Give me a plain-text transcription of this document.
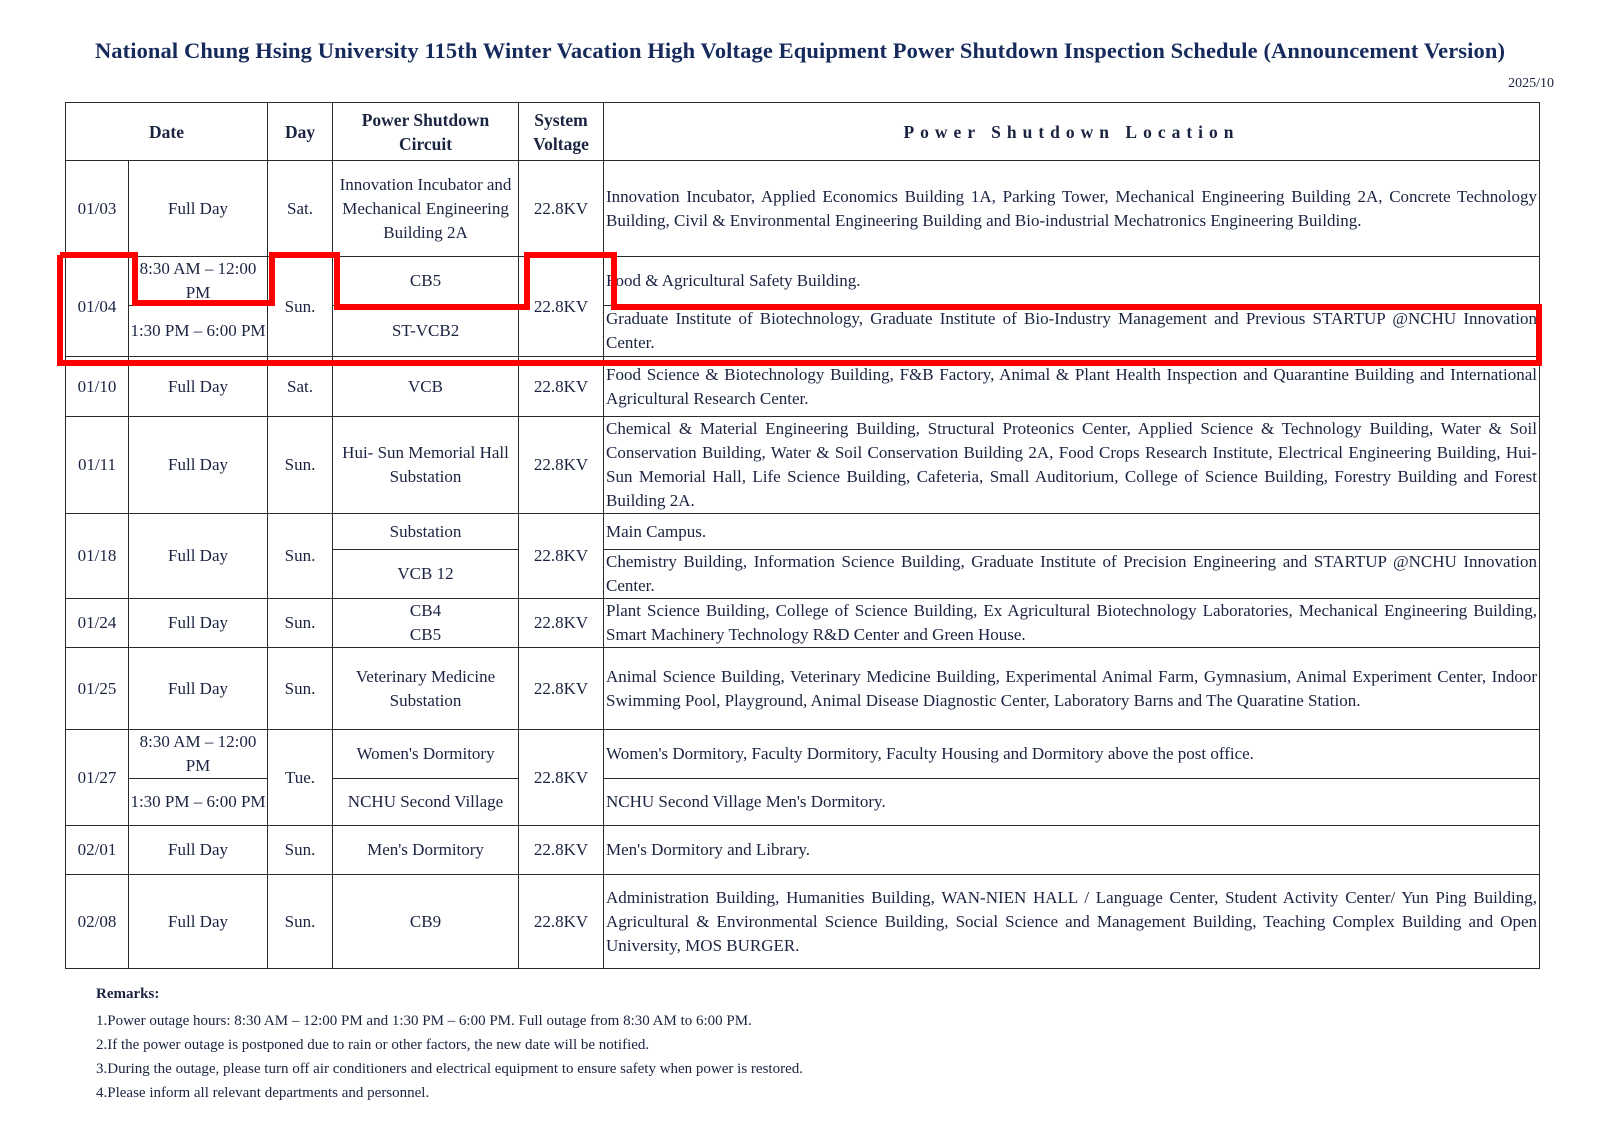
National Chung Hsing University 115th Winter Vacation High Voltage Equipment Power Shutdown Inspection Schedule (Announcement Version)
2025/10
Date		Day	Power Shutdown Circuit	System Voltage	Power Shutdown Location
01/03	Full Day	Sat.	Innovation Incubator and Mechanical Engineering Building 2A	22.8KV	Innovation Incubator, Applied Economics Building 1A, Parking Tower, Mechanical Engineering Building 2A, Concrete Technology Building, Civil & Environmental Engineering Building and Bio-industrial Mechatronics Engineering Building.
01/04	8:30 AM – 12:00 PM	Sun.	CB5	22.8KV	Food & Agricultural Safety Building.
	1:30 PM – 6:00 PM		ST-VCB2		Graduate Institute of Biotechnology, Graduate Institute of Bio-Industry Management and Previous STARTUP @NCHU Innovation Center.
01/10	Full Day	Sat.	VCB	22.8KV	Food Science & Biotechnology Building, F&B Factory, Animal & Plant Health Inspection and Quarantine Building and International Agricultural Research Center.
01/11	Full Day	Sun.	Hui- Sun Memorial Hall Substation	22.8KV	Chemical & Material Engineering Building, Structural Proteonics Center, Applied Science & Technology Building, Water & Soil Conservation Building, Water & Soil Conservation Building 2A, Food Crops Research Institute, Electrical Engineering Building, Hui-Sun Memorial Hall, Life Science Building, Cafeteria, Small Auditorium, College of Science Building, Forestry Building and Forest Building 2A.
01/18	Full Day	Sun.	Substation	22.8KV	Main Campus.
			VCB 12		Chemistry Building, Information Science Building, Graduate Institute of Precision Engineering and STARTUP @NCHU Innovation Center.
01/24	Full Day	Sun.	CB4
CB5	22.8KV	Plant Science Building, College of Science Building, Ex Agricultural Biotechnology Laboratories, Mechanical Engineering Building, Smart Machinery Technology R&D Center and Green House.
01/25	Full Day	Sun.	Veterinary Medicine Substation	22.8KV	Animal Science Building, Veterinary Medicine Building, Experimental Animal Farm, Gymnasium, Animal Experiment Center, Indoor Swimming Pool, Playground, Animal Disease Diagnostic Center, Laboratory Barns and The Quaratine Station.
01/27	8:30 AM – 12:00 PM	Tue.	Women's Dormitory	22.8KV	Women's Dormitory, Faculty Dormitory, Faculty Housing and Dormitory above the post office.
	1:30 PM – 6:00 PM		NCHU Second Village		NCHU Second Village Men's Dormitory.
02/01	Full Day	Sun.	Men's Dormitory	22.8KV	Men's Dormitory and Library.
02/08	Full Day	Sun.	CB9	22.8KV	Administration Building, Humanities Building, WAN-NIEN HALL / Language Center, Student Activity Center/ Yun Ping Building, Agricultural & Environmental Science Building, Social Science and Management Building, Teaching Complex Building and Open University, MOS BURGER.
Remarks:
1.Power outage hours: 8:30 AM – 12:00 PM and 1:30 PM – 6:00 PM. Full outage from 8:30 AM to 6:00 PM.
2.If the power outage is postponed due to rain or other factors, the new date will be notified.
3.During the outage, please turn off air conditioners and electrical equipment to ensure safety when power is restored.
4.Please inform all relevant departments and personnel.
